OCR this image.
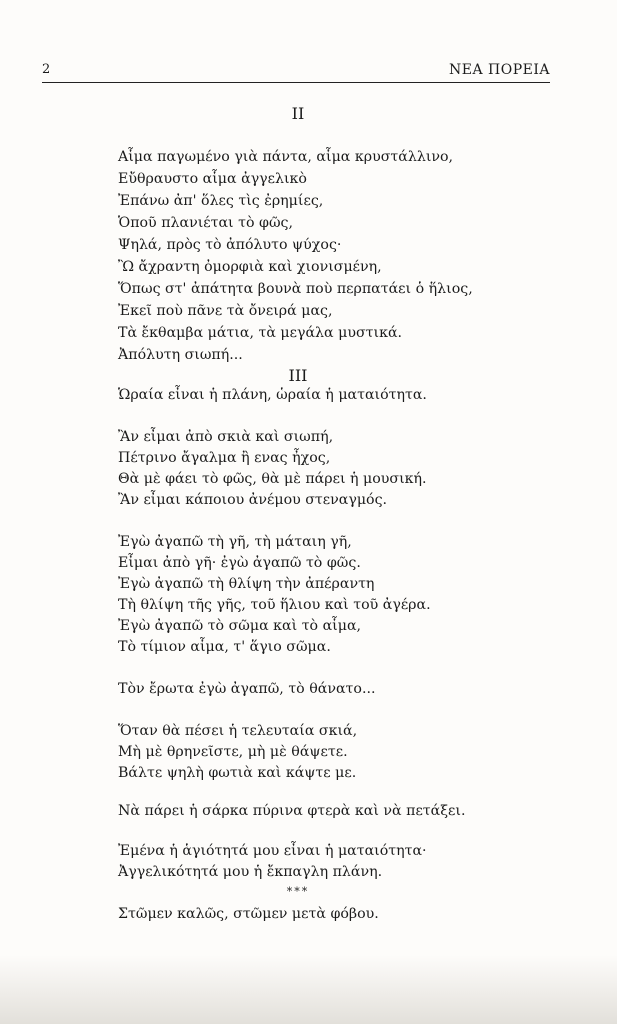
2	ΝΕΑ ΠΟΡΕΙΑ
II
Αἷμα παγωμένο γιὰ πάντα, αἷμα κρυστάλλινο,
Εὔθραυστο αἷμα ἀγγελικὸ
Ἐπάνω ἀπ' ὅλες τὶς ἐρημίες,
Ὁποῦ πλανιέται τὸ φῶς,
Ψηλά, πρὸς τὸ ἀπόλυτο ψύχος·
Ὢ ἄχραντη ὀμορφιὰ καὶ χιονισμένη,
Ὅπως στ' ἀπάτητα βουνὰ ποὺ περπατάει ὁ ἥλιος,
Ἐκεῖ ποὺ πᾶνε τὰ ὄνειρά μας,
Τὰ ἔκθαμβα μάτια, τὰ μεγάλα μυστικά.
Ἀπόλυτη σιωπή...
III
Ὡραία εἶναι ἡ πλάνη, ὡραία ἡ ματαιότητα.
Ἂν εἶμαι ἀπὸ σκιὰ καὶ σιωπή,
Πέτρινο ἄγαλμα ἢ ενας ἦχος,
Θὰ μὲ φάει τὸ φῶς, θὰ μὲ πάρει ἡ μουσική.
Ἂν εἶμαι κάποιου ἀνέμου στεναγμός.
Ἐγὼ ἀγαπῶ τὴ γῆ, τὴ μάταιη γῆ,
Εἶμαι ἀπὸ γῆ· ἐγὼ ἀγαπῶ τὸ φῶς.
Ἐγὼ ἀγαπῶ τὴ θλίψη τὴν ἀπέραντη
Τὴ θλίψη τῆς γῆς, τοῦ ἥλιου καὶ τοῦ ἀγέρα.
Ἐγὼ ἀγαπῶ τὸ σῶμα καὶ τὸ αἷμα,
Τὸ τίμιον αἷμα, τ' ἅγιο σῶμα.
Τὸν ἔρωτα ἐγὼ ἀγαπῶ, τὸ θάνατο...
Ὅταν θὰ πέσει ἡ τελευταία σκιά,
Μὴ μὲ θρηνεῖστε, μὴ μὲ θάψετε.
Βάλτε ψηλὴ φωτιὰ καὶ κάψτε με.
Νὰ πάρει ἡ σάρκα πύρινα φτερὰ καὶ νὰ πετάξει.
Ἐμένα ἡ ἁγιότητά μου εἶναι ἡ ματαιότητα·
Ἀγγελικότητά μου ἡ ἔκπαγλη πλάνη.
***
Στῶμεν καλῶς, στῶμεν μετὰ φόβου.
